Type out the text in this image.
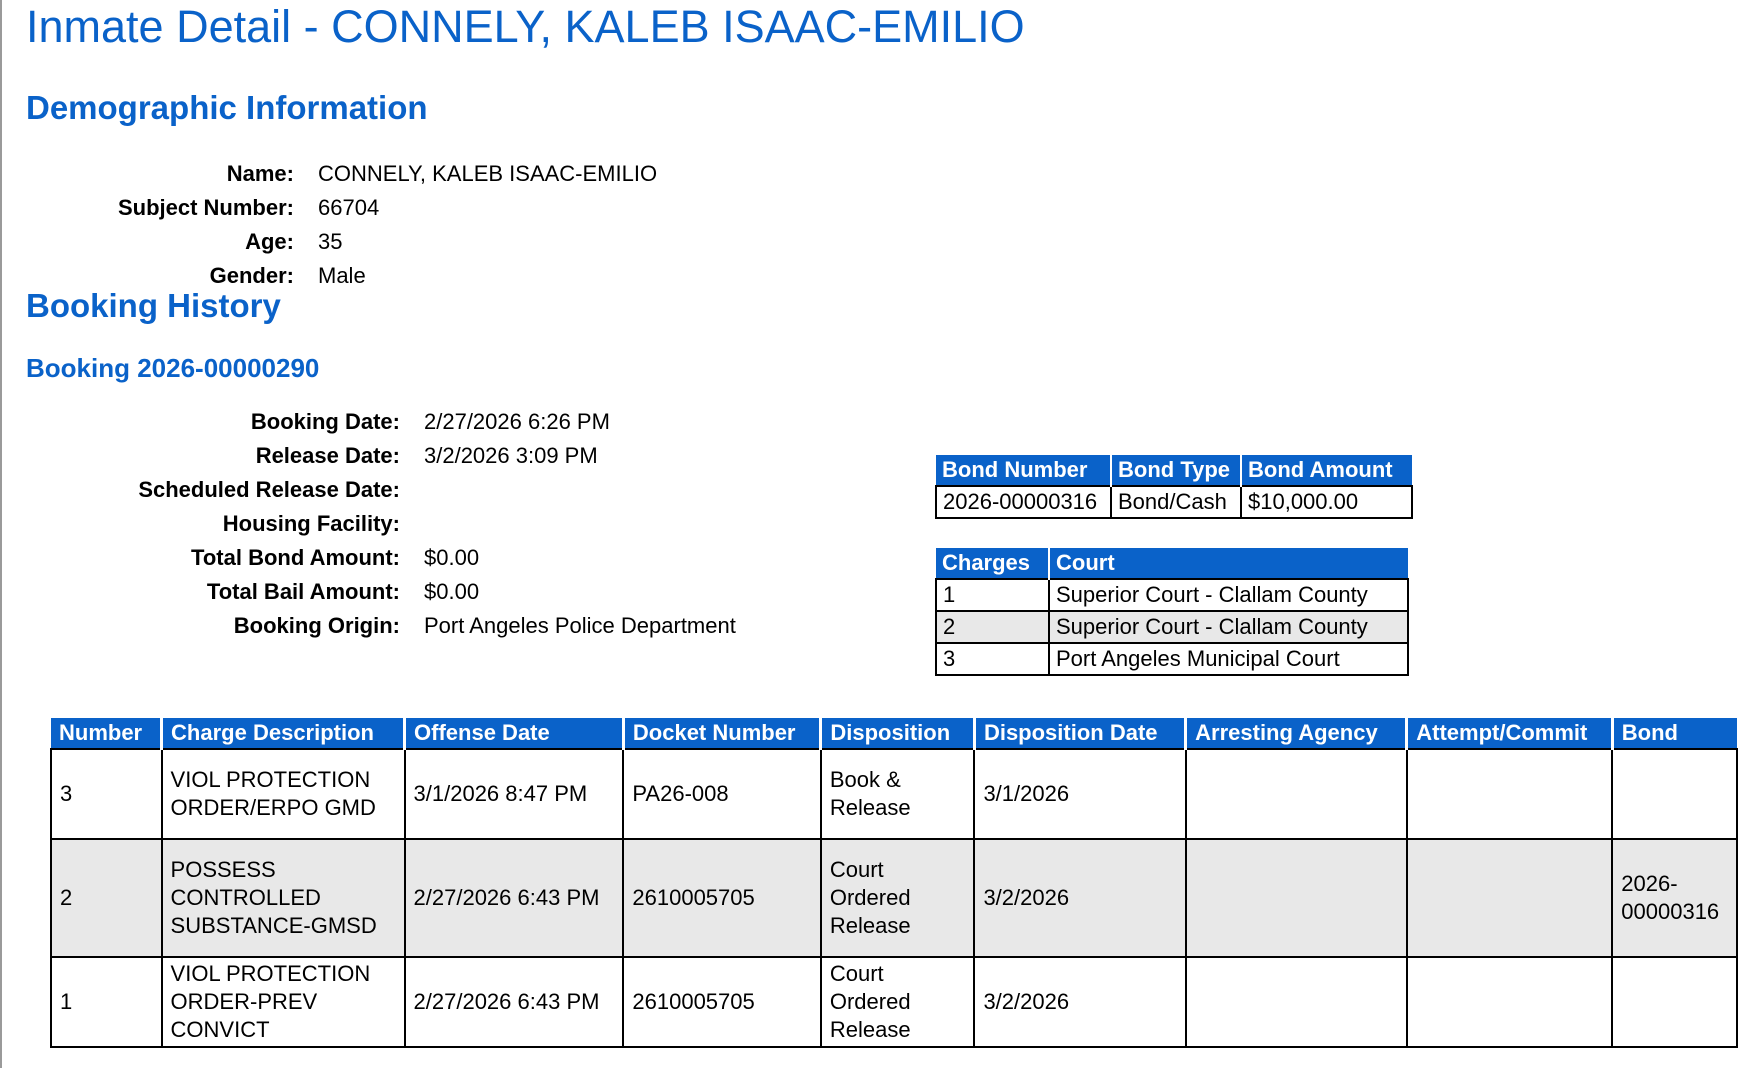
Inmate Detail - CONNELY, KALEB ISAAC-EMILIO
Demographic Information
Name:	CONNELY, KALEB ISAAC-EMILIO
Subject Number:	66704
Age:	35
Gender:	Male
Booking History
Booking 2026-00000290
Booking Date:	2/27/2026 6:26 PM
Release Date:	3/2/2026 3:09 PM
Scheduled Release Date:
Housing Facility:
Total Bond Amount:	$0.00
Total Bail Amount:	$0.00
Booking Origin:	Port Angeles Police Department
Bond Number	Bond Type	Bond Amount
2026-00000316	Bond/Cash	$10,000.00
Charges	Court
1	Superior Court - Clallam County
2	Superior Court - Clallam County
3	Port Angeles Municipal Court
Number	Charge Description	Offense Date	Docket Number	Disposition	Disposition Date	Arresting Agency	Attempt/Commit	Bond
3	VIOL PROTECTION ORDER/ERPO GMD	3/1/2026 8:47 PM	PA26-008	Book & Release	3/1/2026			
2	POSSESS CONTROLLED SUBSTANCE-GMSD	2/27/2026 6:43 PM	2610005705	Court Ordered Release	3/2/2026			2026-00000316
1	VIOL PROTECTION ORDER-PREV CONVICT	2/27/2026 6:43 PM	2610005705	Court Ordered Release	3/2/2026			
